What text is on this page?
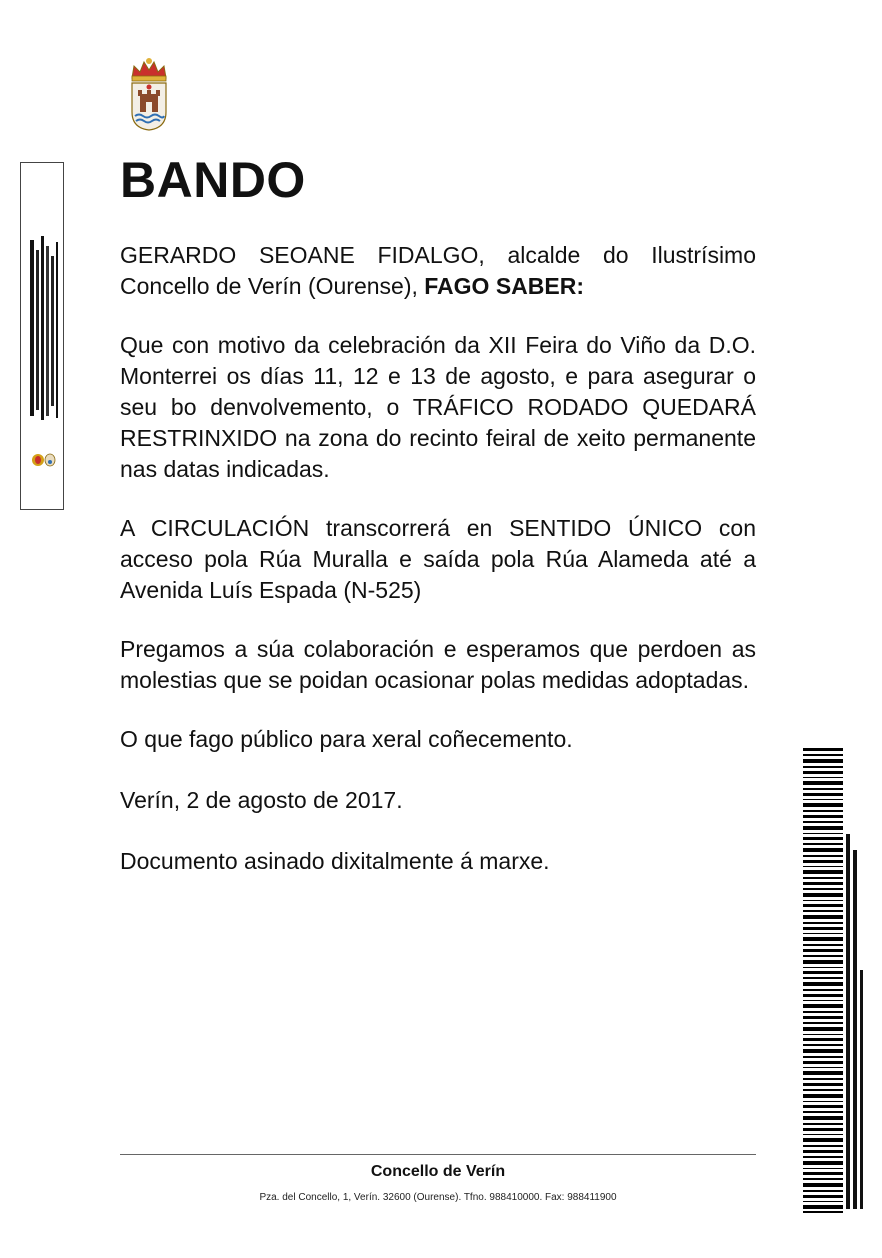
BANDO

GERARDO SEOANE FIDALGO, alcalde do Ilustrísimo Concello de Verín (Ourense), FAGO SABER:

Que con motivo da celebración da XII Feira do Viño da D.O. Monterrei os días 11, 12 e 13 de agosto, e para asegurar o seu bo denvolvemento, o TRÁFICO RODADO QUEDARÁ RESTRINXIDO na zona do recinto feiral de xeito permanente nas datas indicadas.

A CIRCULACIÓN transcorrerá en SENTIDO ÚNICO con acceso pola Rúa Muralla e saída pola Rúa Alameda até a Avenida Luís Espada (N-525)

Pregamos a súa colaboración e esperamos que perdoen as molestias que se poidan ocasionar polas medidas adoptadas.

O que fago público para xeral coñecemento.

Verín, 2 de agosto de 2017.

Documento asinado dixitalmente á marxe.

Concello de Verín
Pza. del Concello, 1, Verín. 32600 (Ourense). Tfno. 988410000. Fax: 988411900
